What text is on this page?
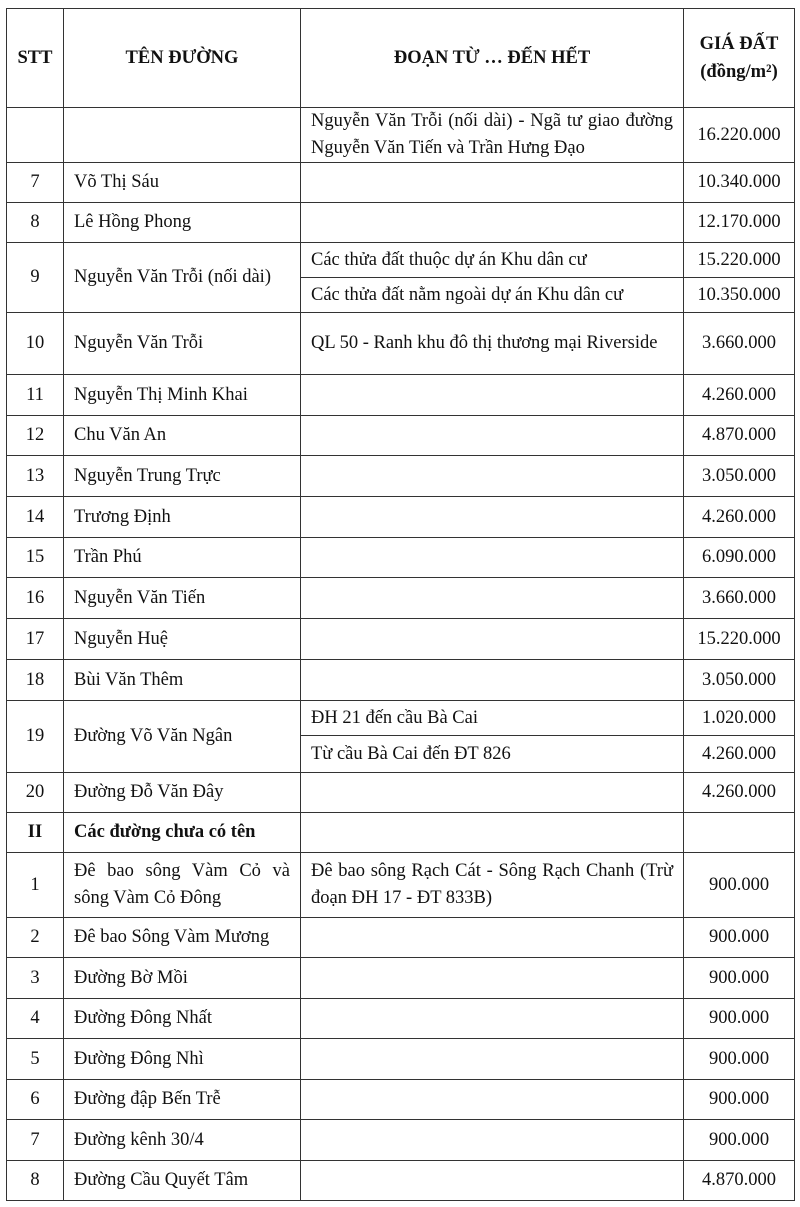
STT	TÊN ĐƯỜNG	ĐOẠN TỪ … ĐẾN HẾT	GIÁ ĐẤT
(đồng/m²)

		Nguyễn Văn Trỗi (nối dài) - Ngã tư giao đường Nguyễn Văn Tiến và Trần Hưng Đạo	16.220.000
7	Võ Thị Sáu		10.340.000
8	Lê Hồng Phong		12.170.000
9	Nguyễn Văn Trỗi (nối dài)	Các thửa đất thuộc dự án Khu dân cư	15.220.000
		Các thửa đất nằm ngoài dự án Khu dân cư	10.350.000
10	Nguyễn Văn Trỗi	QL 50 - Ranh khu đô thị thương mại Riverside	3.660.000
11	Nguyễn Thị Minh Khai		4.260.000
12	Chu Văn An		4.870.000
13	Nguyễn Trung Trực		3.050.000
14	Trương Định		4.260.000
15	Trần Phú		6.090.000
16	Nguyễn Văn Tiến		3.660.000
17	Nguyễn Huệ		15.220.000
18	Bùi Văn Thêm		3.050.000
19	Đường Võ Văn Ngân	ĐH 21 đến cầu Bà Cai	1.020.000
		Từ cầu Bà Cai đến ĐT 826	4.260.000
20	Đường Đỗ Văn Đây		4.260.000
II	Các đường chưa có tên		
1	Đê bao sông Vàm Cỏ và sông Vàm Cỏ Đông	Đê bao sông Rạch Cát - Sông Rạch Chanh (Trừ đoạn ĐH 17 - ĐT 833B)	900.000
2	Đê bao Sông Vàm Mương		900.000
3	Đường Bờ Mồi		900.000
4	Đường Đông Nhất		900.000
5	Đường Đông Nhì		900.000
6	Đường đập Bến Trễ		900.000
7	Đường kênh 30/4		900.000
8	Đường Cầu Quyết Tâm		4.870.000
